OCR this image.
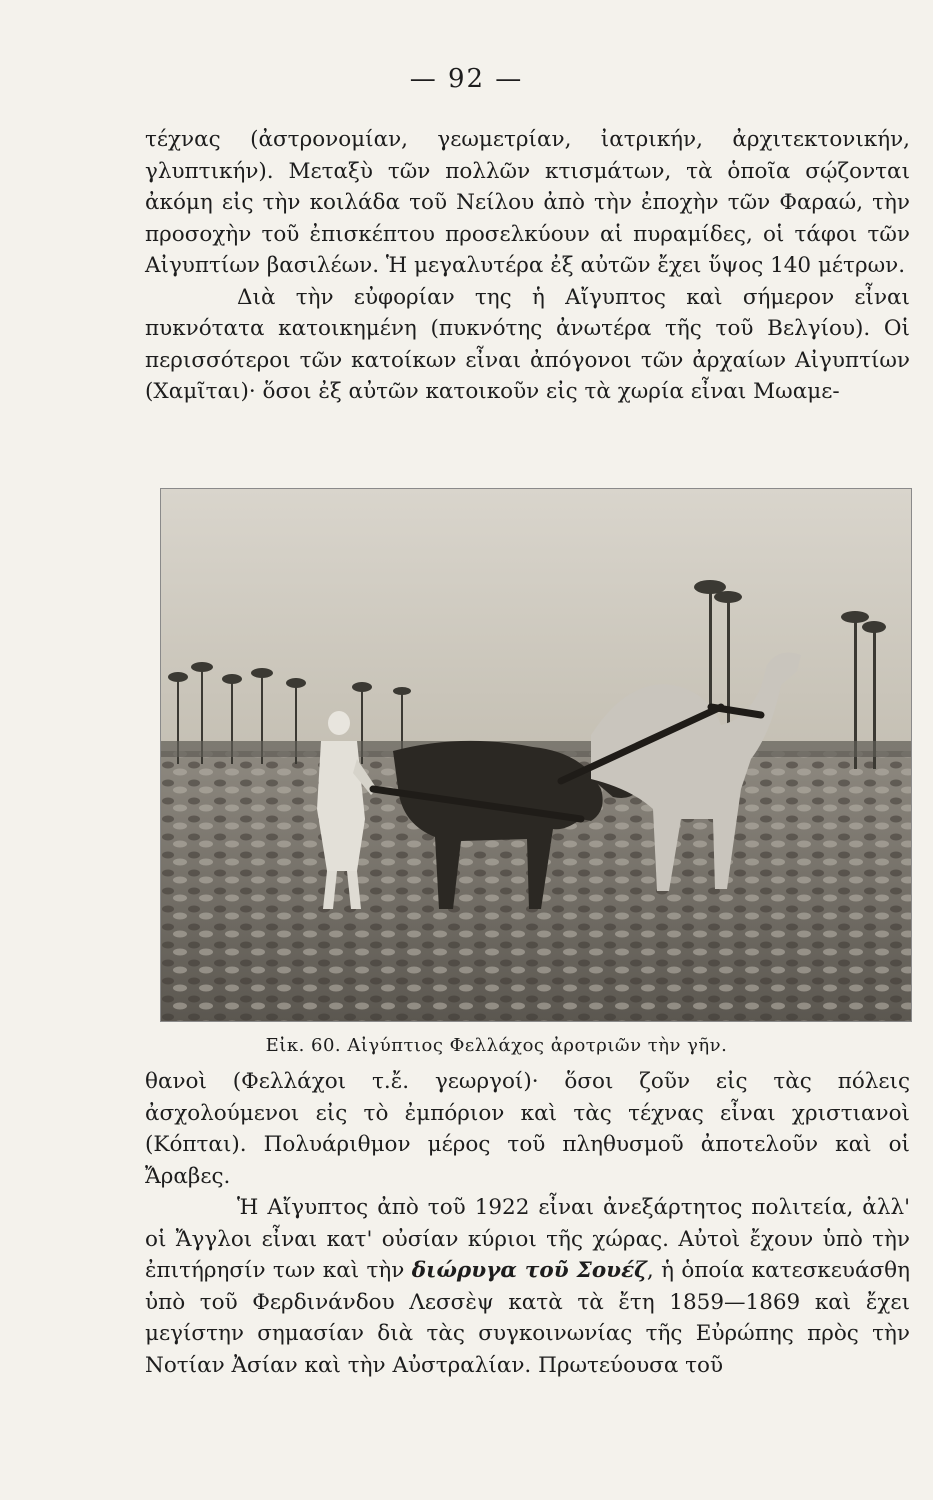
— 92 —

τέχνας (ἀστρονομίαν, γεωμετρίαν, ἰατρικήν, ἀρχιτεκτονικήν, γλυπτικήν). Μεταξὺ τῶν πολλῶν κτισμάτων, τὰ ὁποῖα σῴζονται ἀκόμη εἰς τὴν κοιλάδα τοῦ Νείλου ἀπὸ τὴν ἐποχὴν τῶν Φαραώ, τὴν προσοχὴν τοῦ ἐπισκέπτου προσελκύουν αἱ πυραμίδες, οἱ τάφοι τῶν Αἰγυπτίων βασιλέων. Ἡ μεγαλυτέρα ἐξ αὐτῶν ἔχει ὕψος 140 μέτρων.

Διὰ τὴν εὐφορίαν της ἡ Αἴγυπτος καὶ σήμερον εἶναι πυκνότατα κατοικημένη (πυκνότης ἀνωτέρα τῆς τοῦ Βελγίου). Οἱ περισσότεροι τῶν κατοίκων εἶναι ἀπόγονοι τῶν ἀρχαίων Αἰγυπτίων (Χαμῖται)· ὅσοι ἐξ αὐτῶν κατοικοῦν εἰς τὰ χωρία εἶναι Μωαμε-

Εἰκ. 60. Αἰγύπτιος Φελλάχος ἀροτριῶν τὴν γῆν.

θανοὶ (Φελλάχοι τ.ἔ. γεωργοί)· ὅσοι ζοῦν εἰς τὰς πόλεις ἀσχολούμενοι εἰς τὸ ἐμπόριον καὶ τὰς τέχνας εἶναι χριστιανοὶ (Κόπται). Πολυάριθμον μέρος τοῦ πληθυσμοῦ ἀποτελοῦν καὶ οἱ Ἄραβες.

Ἡ Αἴγυπτος ἀπὸ τοῦ 1922 εἶναι ἀνεξάρτητος πολιτεία, ἀλλ' οἱ Ἄγγλοι εἶναι κατ' οὐσίαν κύριοι τῆς χώρας. Αὐτοὶ ἔχουν ὑπὸ τὴν ἐπιτήρησίν των καὶ τὴν διώρυγα τοῦ Σουέζ, ἡ ὁποία κατεσκευάσθη ὑπὸ τοῦ Φερδινάνδου Λεσσὲψ κατὰ τὰ ἔτη 1859—1869 καὶ ἔχει μεγίστην σημασίαν διὰ τὰς συγκοινωνίας τῆς Εὐρώπης πρὸς τὴν Νοτίαν Ἀσίαν καὶ τὴν Αὐστραλίαν. Πρωτεύουσα τοῦ
